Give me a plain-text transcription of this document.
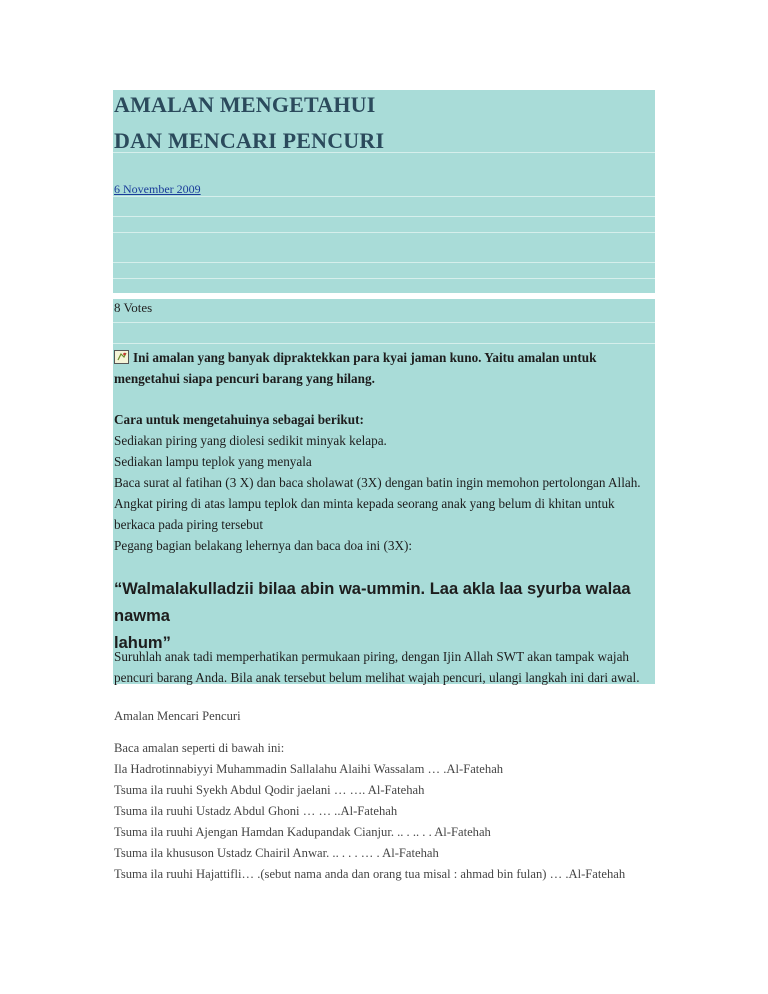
AMALAN MENGETAHUI
DAN MENCARI PENCURI
6 November 2009
8 Votes
Ini amalan yang banyak dipraktekkan para kyai jaman kuno. Yaitu amalan untuk
mengetahui siapa pencuri barang yang hilang.
Cara untuk mengetahuinya sebagai berikut:
Sediakan piring yang diolesi sedikit minyak kelapa.
Sediakan lampu teplok yang menyala
Baca surat al fatihan (3 X) dan baca sholawat (3X) dengan batin ingin memohon pertolongan Allah.
Angkat piring di atas lampu teplok dan minta kepada seorang anak yang belum di khitan untuk
berkaca pada piring tersebut
Pegang bagian belakang lehernya dan baca doa ini (3X):
“Walmalakulladzii bilaa abin wa-ummin. Laa akla laa syurba walaa nawma
lahum”
Suruhlah anak tadi memperhatikan permukaan piring, dengan Ijin Allah SWT akan tampak wajah
pencuri barang Anda. Bila anak tersebut belum melihat wajah pencuri, ulangi langkah ini dari awal.
Amalan Mencari Pencuri
Baca amalan seperti di bawah ini:
Ila Hadrotinnabiyyi Muhammadin Sallalahu Alaihi Wassalam … .Al-Fatehah
Tsuma ila ruuhi Syekh Abdul Qodir jaelani … …. Al-Fatehah
Tsuma ila ruuhi Ustadz Abdul Ghoni … … ..Al-Fatehah
Tsuma ila ruuhi Ajengan Hamdan Kadupandak Cianjur. .. . .. . . Al-Fatehah
Tsuma ila khususon Ustadz Chairil Anwar. .. . . . … . Al-Fatehah
Tsuma ila ruuhi Hajattifli… .(sebut nama anda dan orang tua misal : ahmad bin fulan) … .Al-Fatehah
